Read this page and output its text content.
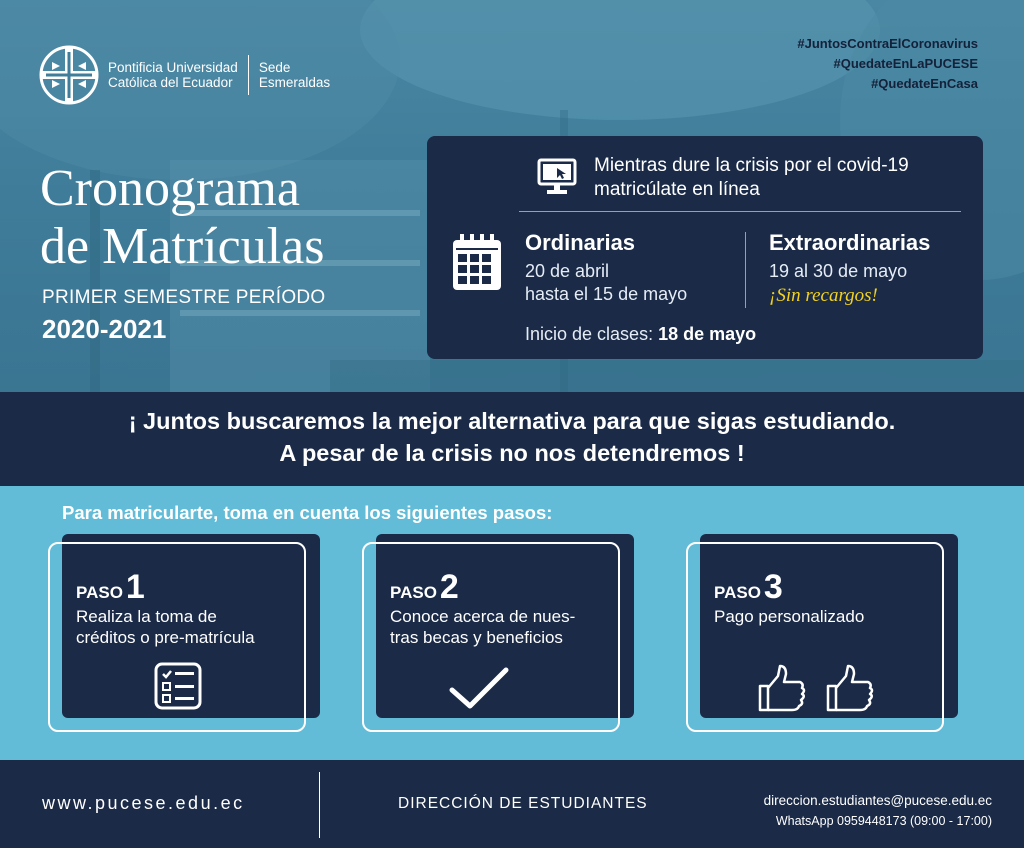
Pontificia Universidad
Católica del Ecuador
Sede
Esmeraldas
#JuntosContraElCoronavirus
#QuedateEnLaPUCESE
#QuedateEnCasa
Cronograma
de Matrículas
PRIMER SEMESTRE PERÍODO
2020-2021
Mientras dure la crisis por el covid-19
matricúlate en línea
Ordinarias
20 de abril
hasta el 15 de mayo
Extraordinarias
19 al 30 de mayo
¡Sin recargos!
Inicio de clases: 18 de mayo
¡ Juntos buscaremos la mejor alternativa para que sigas estudiando.
A pesar de la crisis no nos detendremos !
Para matricularte, toma en cuenta los siguientes pasos:
PASO 1
Realiza la toma de
créditos o pre-matrícula
PASO 2
Conoce acerca de nues-
tras becas y beneficios
PASO 3
Pago personalizado
www.pucese.edu.ec	DIRECCIÓN DE ESTUDIANTES	direccion.estudiantes@pucese.edu.ec
WhatsApp 0959448173 (09:00 - 17:00)
